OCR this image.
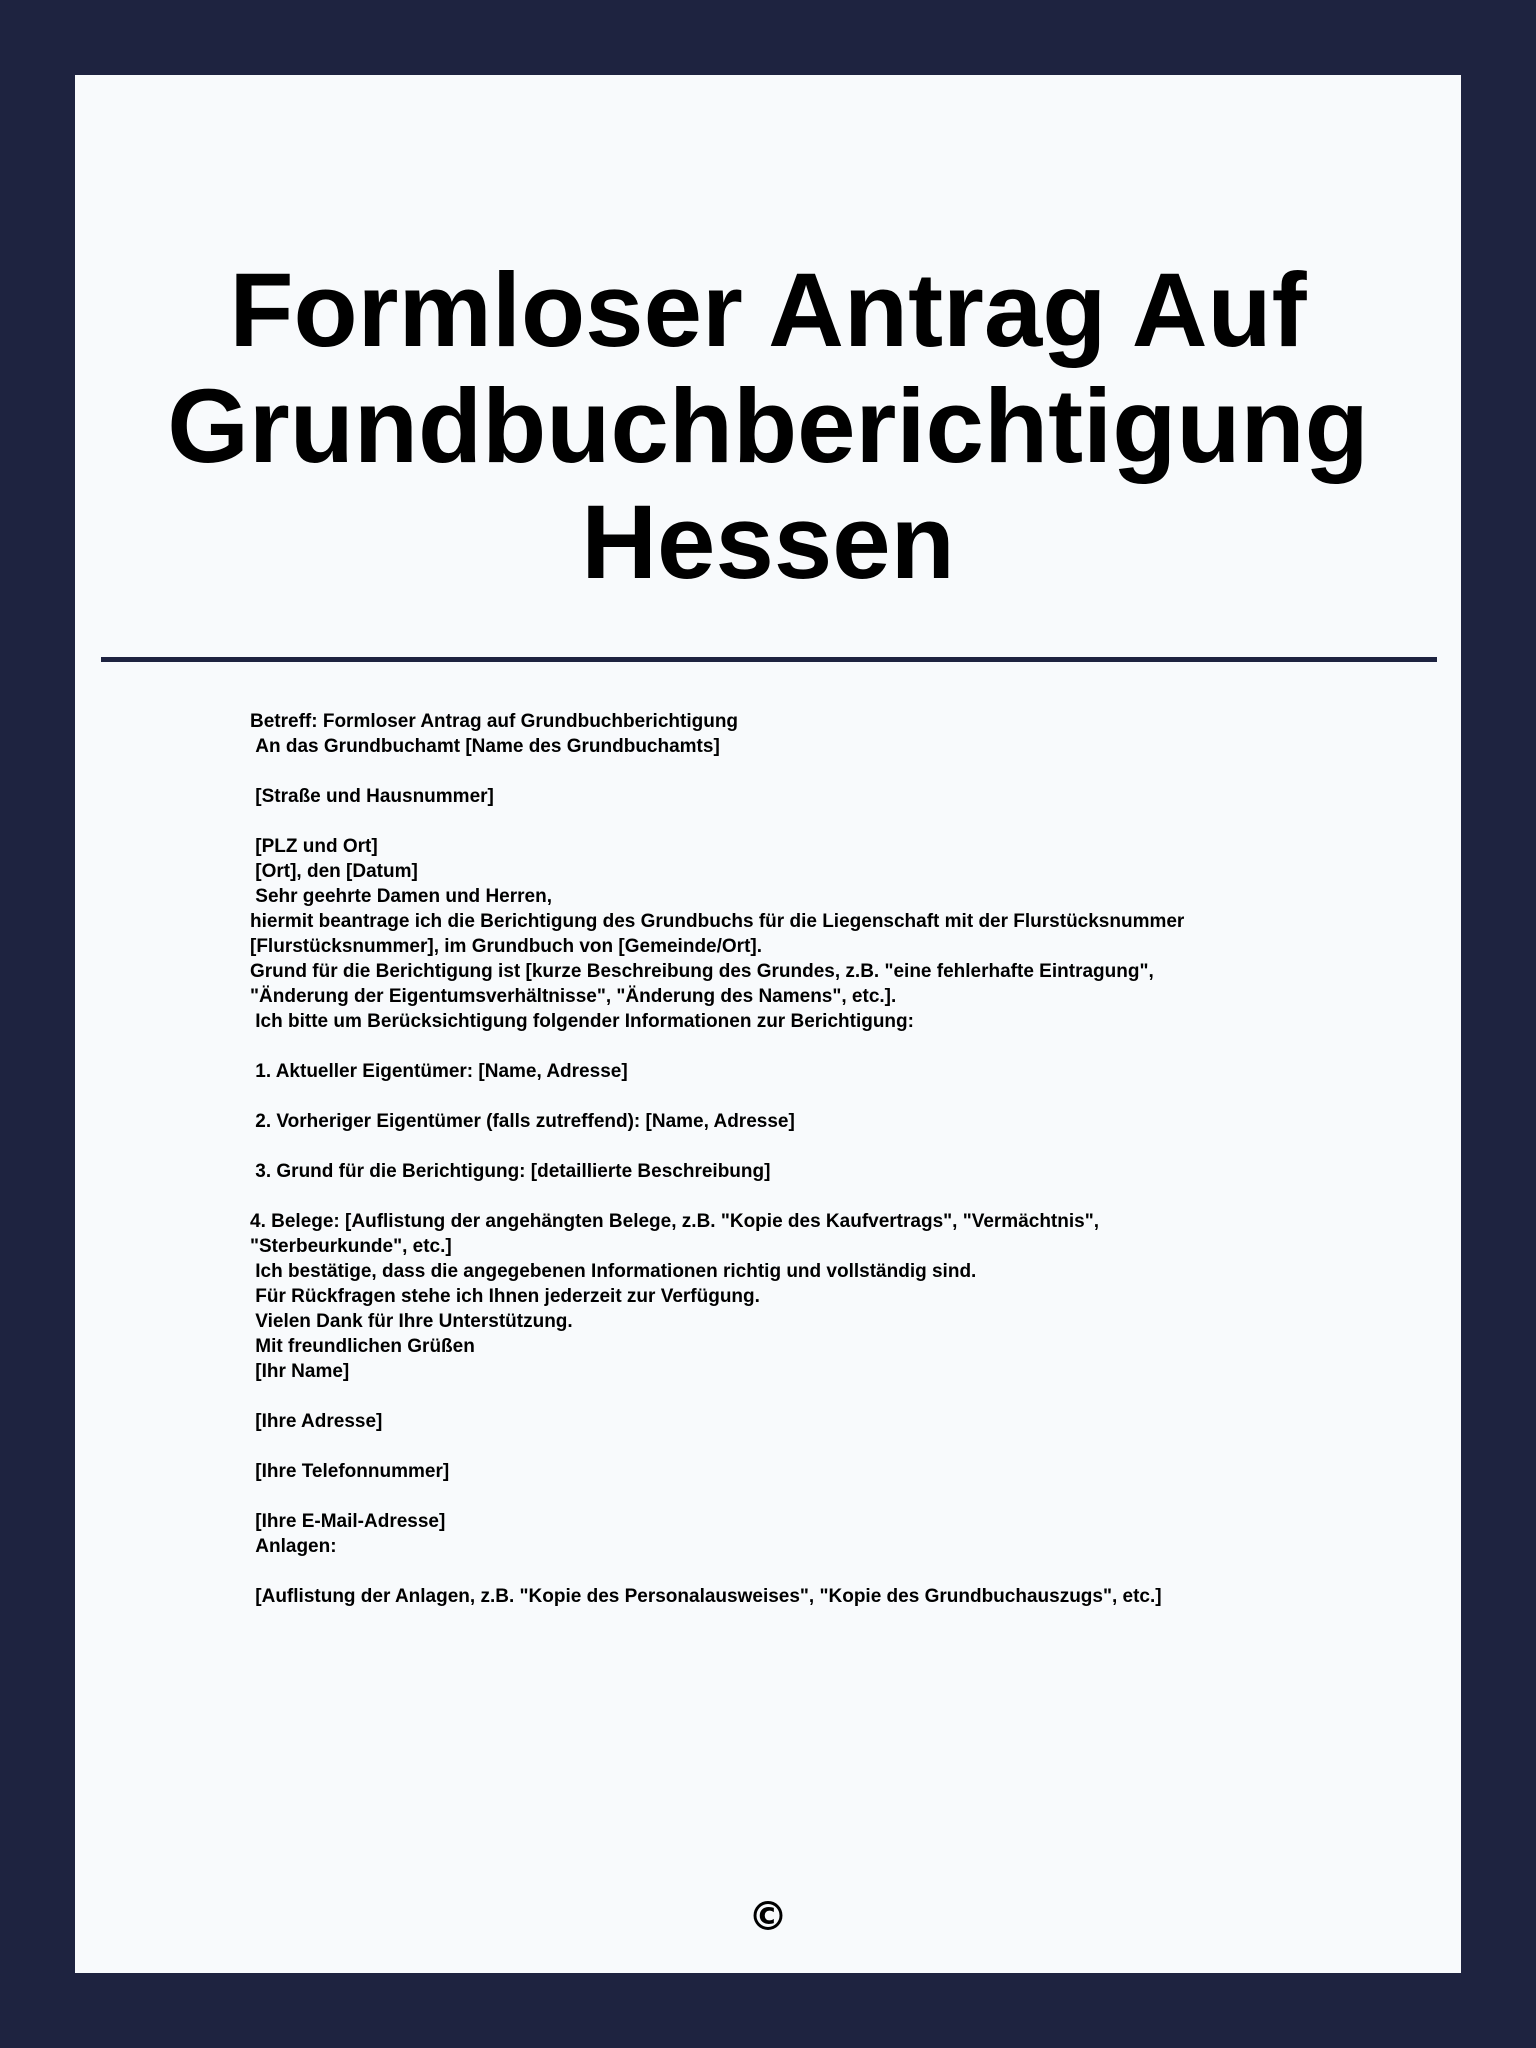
Formloser Antrag Auf Grundbuchberichtigung Hessen
Betreff: Formloser Antrag auf Grundbuchberichtigung
An das Grundbuchamt [Name des Grundbuchamts]

[Straße und Hausnummer]

[PLZ und Ort]
[Ort], den [Datum]
Sehr geehrte Damen und Herren,
hiermit beantrage ich die Berichtigung des Grundbuchs für die Liegenschaft mit der Flurstücksnummer
[Flurstücksnummer], im Grundbuch von [Gemeinde/Ort].
Grund für die Berichtigung ist [kurze Beschreibung des Grundes, z.B. "eine fehlerhafte Eintragung",
"Änderung der Eigentumsverhältnisse", "Änderung des Namens", etc.].
Ich bitte um Berücksichtigung folgender Informationen zur Berichtigung:

1. Aktueller Eigentümer: [Name, Adresse]

2. Vorheriger Eigentümer (falls zutreffend): [Name, Adresse]

3. Grund für die Berichtigung: [detaillierte Beschreibung]

4. Belege: [Auflistung der angehängten Belege, z.B. "Kopie des Kaufvertrags", "Vermächtnis",
"Sterbeurkunde", etc.]
Ich bestätige, dass die angegebenen Informationen richtig und vollständig sind.
Für Rückfragen stehe ich Ihnen jederzeit zur Verfügung.
Vielen Dank für Ihre Unterstützung.
Mit freundlichen Grüßen
[Ihr Name]

[Ihre Adresse]

[Ihre Telefonnummer]

[Ihre E-Mail-Adresse]
Anlagen:

[Auflistung der Anlagen, z.B. "Kopie des Personalausweises", "Kopie des Grundbuchauszugs", etc.]
©
